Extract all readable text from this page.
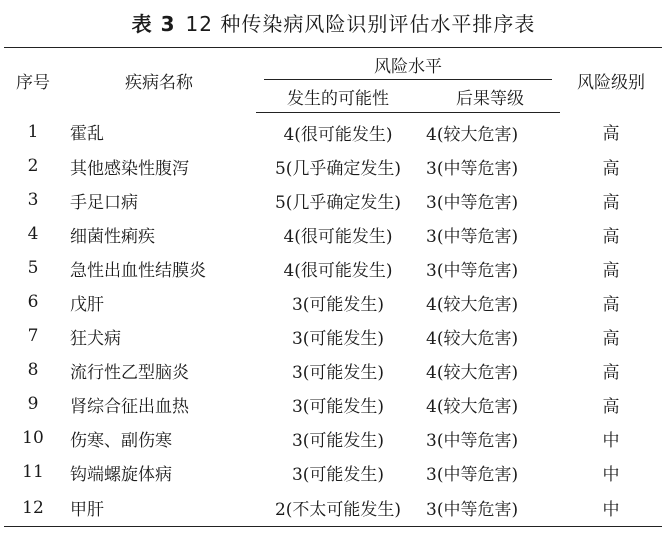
表 3 12 种传染病风险识别评估水平排序表
序号	疾病名称	风险水平		风险级别
		发生的可能性	后果等级	
1	霍乱	4(很可能发生)	4(较大危害)	高
2	其他感染性腹泻	5(几乎确定发生)	3(中等危害)	高
3	手足口病	5(几乎确定发生)	3(中等危害)	高
4	细菌性痢疾	4(很可能发生)	3(中等危害)	高
5	急性出血性结膜炎	4(很可能发生)	3(中等危害)	高
6	戊肝	3(可能发生)	4(较大危害)	高
7	狂犬病	3(可能发生)	4(较大危害)	高
8	流行性乙型脑炎	3(可能发生)	4(较大危害)	高
9	肾综合征出血热	3(可能发生)	4(较大危害)	高
10	伤寒、副伤寒	3(可能发生)	3(中等危害)	中
11	钩端螺旋体病	3(可能发生)	3(中等危害)	中
12	甲肝	2(不太可能发生)	3(中等危害)	中
